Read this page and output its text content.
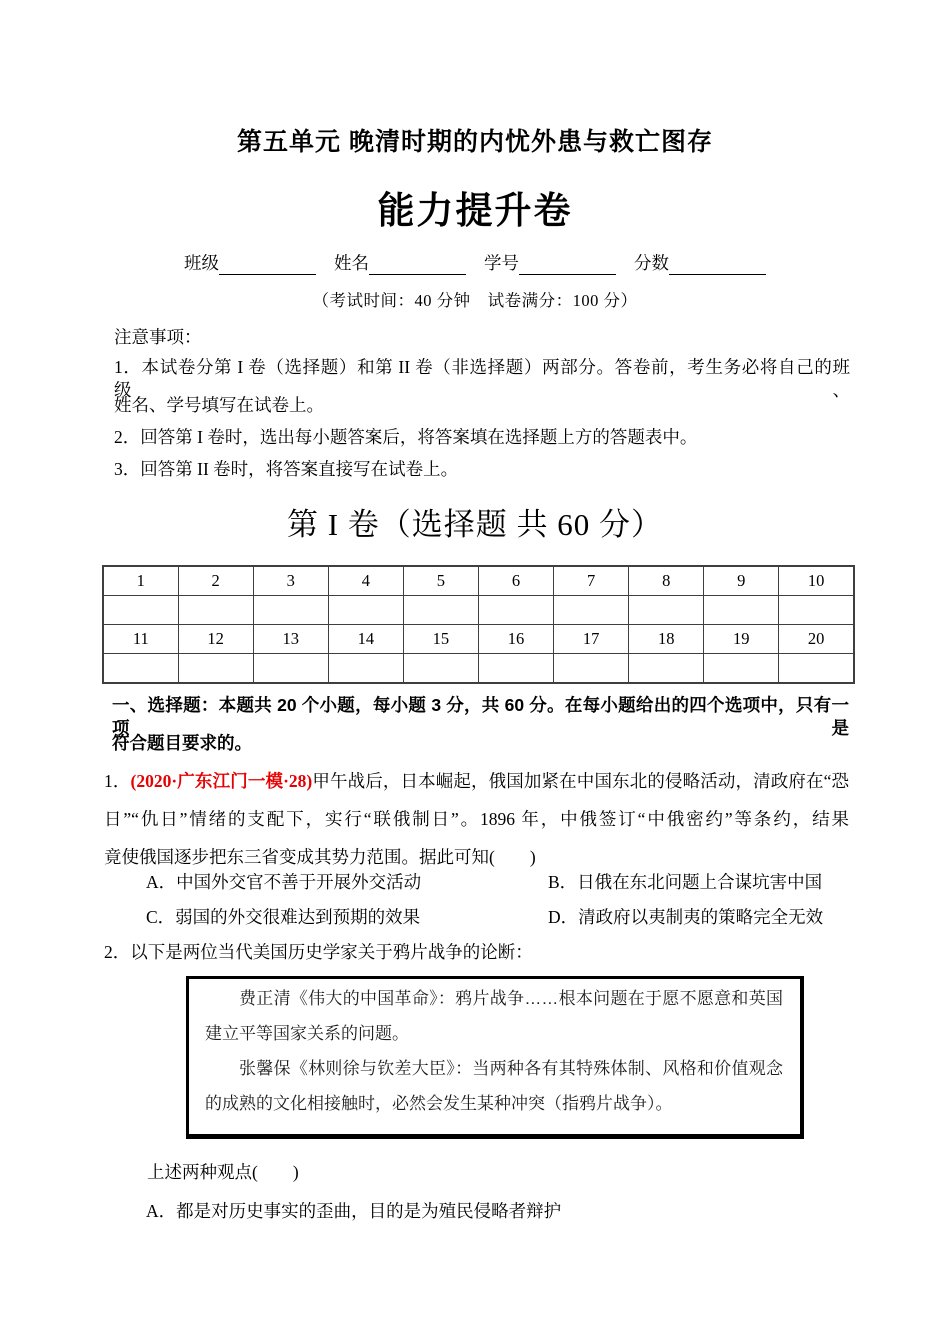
第五单元 晚清时期的内忧外患与救亡图存
能力提升卷
班级	姓名	学号	分数
（考试时间：40 分钟　试卷满分：100 分）
注意事项：
1．本试卷分第 I 卷（选择题）和第 II 卷（非选择题）两部分。答卷前，考生务必将自己的班级、
姓名、学号填写在试卷上。
2．回答第 I 卷时，选出每小题答案后，将答案填在选择题上方的答题表中。
3．回答第 II 卷时，将答案直接写在试卷上。
第 I 卷（选择题 共 60 分）
1	2	3	4	5	6	7	8	9	10

11	12	13	14	15	16	17	18	19	20

一、选择题：本题共 20 个小题，每小题 3 分，共 60 分。在每小题给出的四个选项中，只有一项是
符合题目要求的。
1．(2020·广东江门一模·28)甲午战后，日本崛起，俄国加紧在中国东北的侵略活动，清政府在“恐
日”“仇日”情绪的支配下，实行“联俄制日”。1896 年，中俄签订“中俄密约”等条约，结果
竟使俄国逐步把东三省变成其势力范围。据此可知(　　)
A．中国外交官不善于开展外交活动	B．日俄在东北问题上合谋坑害中国
C．弱国的外交很难达到预期的效果	D．清政府以夷制夷的策略完全无效
2．以下是两位当代美国历史学家关于鸦片战争的论断：
费正清《伟大的中国革命》：鸦片战争……根本问题在于愿不愿意和英国
建立平等国家关系的问题。
张馨保《林则徐与钦差大臣》：当两种各有其特殊体制、风格和价值观念
的成熟的文化相接触时，必然会发生某种冲突（指鸦片战争）。
上述两种观点(　　)
A．都是对历史事实的歪曲，目的是为殖民侵略者辩护
